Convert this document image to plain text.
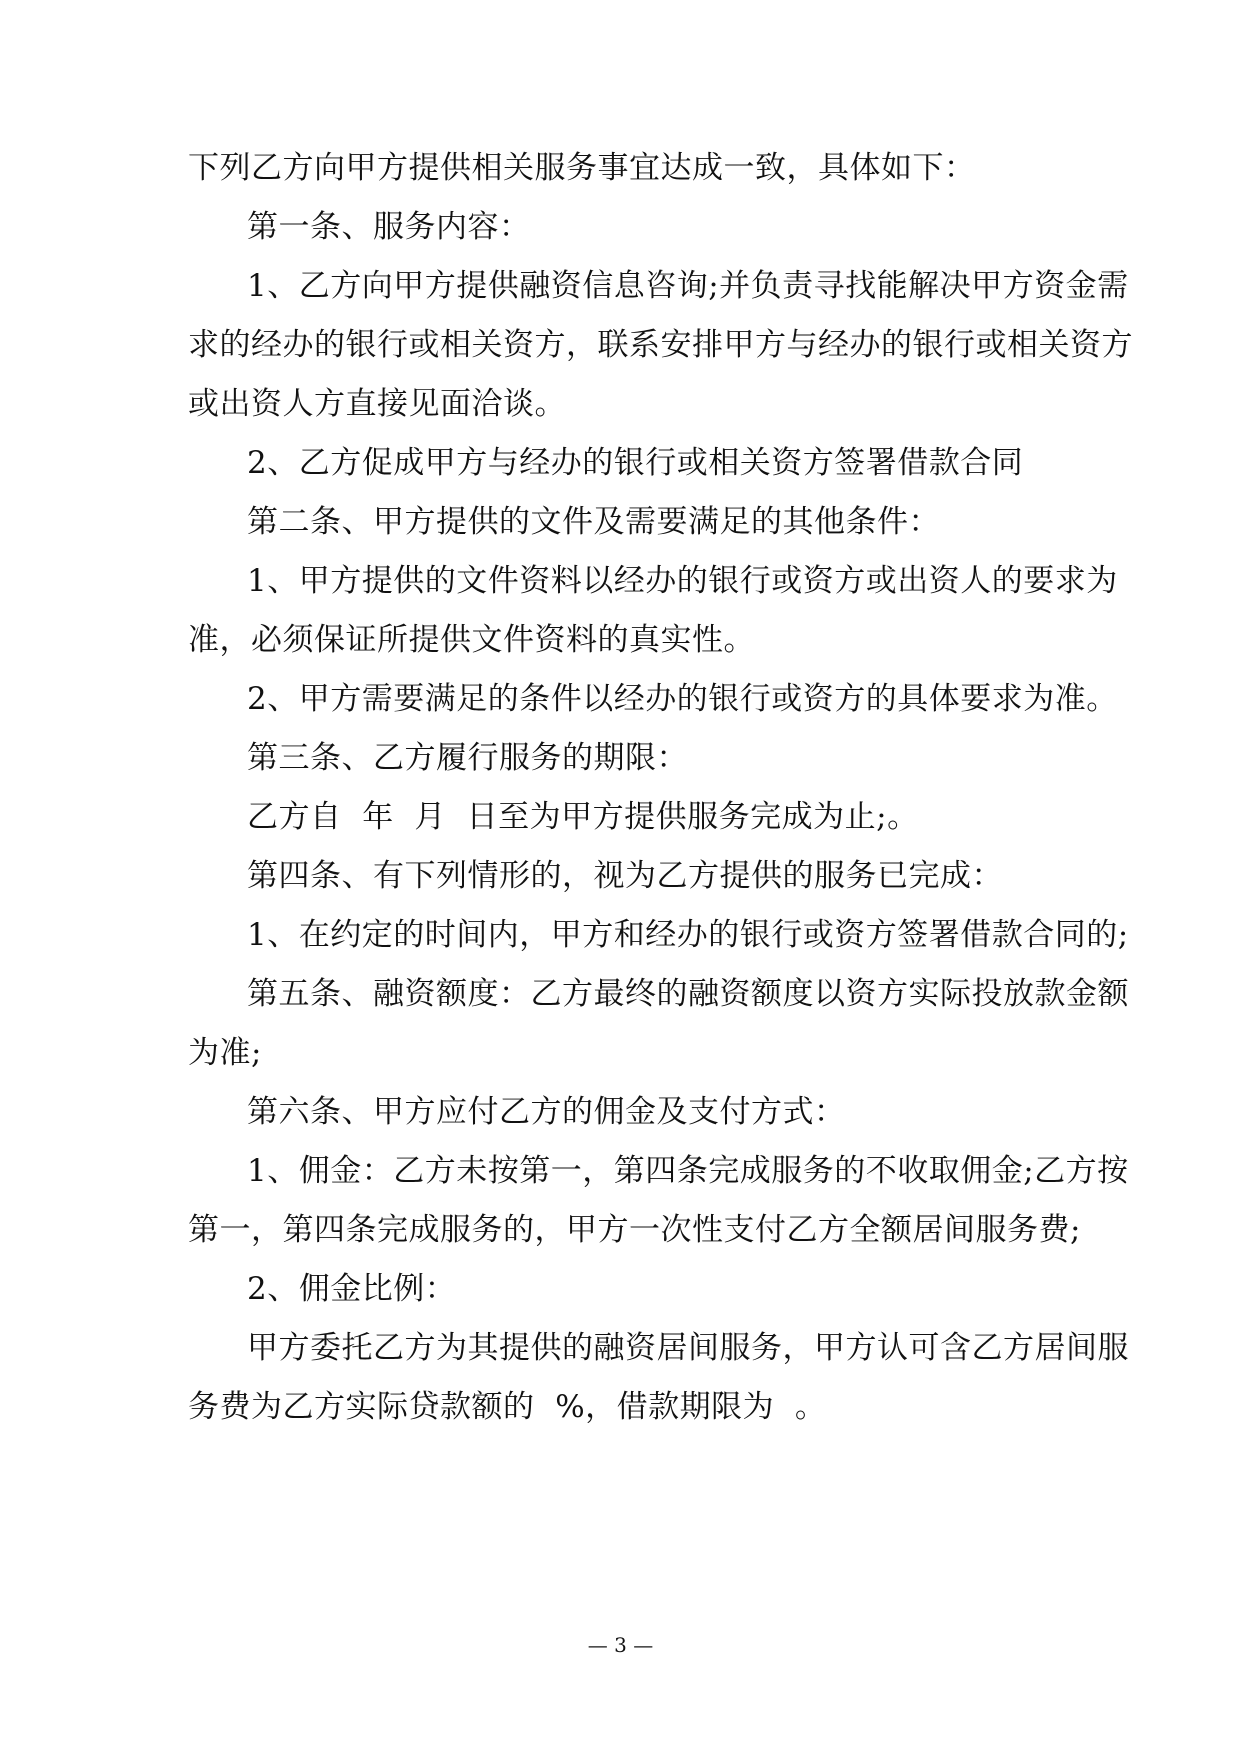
下列乙方向甲方提供相关服务事宜达成一致，具体如下：
第一条、服务内容：
1、乙方向甲方提供融资信息咨询;并负责寻找能解决甲方资金需
求的经办的银行或相关资方，联系安排甲方与经办的银行或相关资方
或出资人方直接见面洽谈。
2、乙方促成甲方与经办的银行或相关资方签署借款合同
第二条、甲方提供的文件及需要满足的其他条件：
1、甲方提供的文件资料以经办的银行或资方或出资人的要求为
准，必须保证所提供文件资料的真实性。
2、甲方需要满足的条件以经办的银行或资方的具体要求为准。
第三条、乙方履行服务的期限：
乙方自  年  月  日至为甲方提供服务完成为止;。
第四条、有下列情形的，视为乙方提供的服务已完成：
1、在约定的时间内，甲方和经办的银行或资方签署借款合同的;
第五条、融资额度：乙方最终的融资额度以资方实际投放款金额
为准;
第六条、甲方应付乙方的佣金及支付方式：
1、佣金：乙方未按第一，第四条完成服务的不收取佣金;乙方按
第一，第四条完成服务的，甲方一次性支付乙方全额居间服务费;
2、佣金比例：
甲方委托乙方为其提供的融资居间服务，甲方认可含乙方居间服
务费为乙方实际贷款额的  %，借款期限为  。
— 3 —
